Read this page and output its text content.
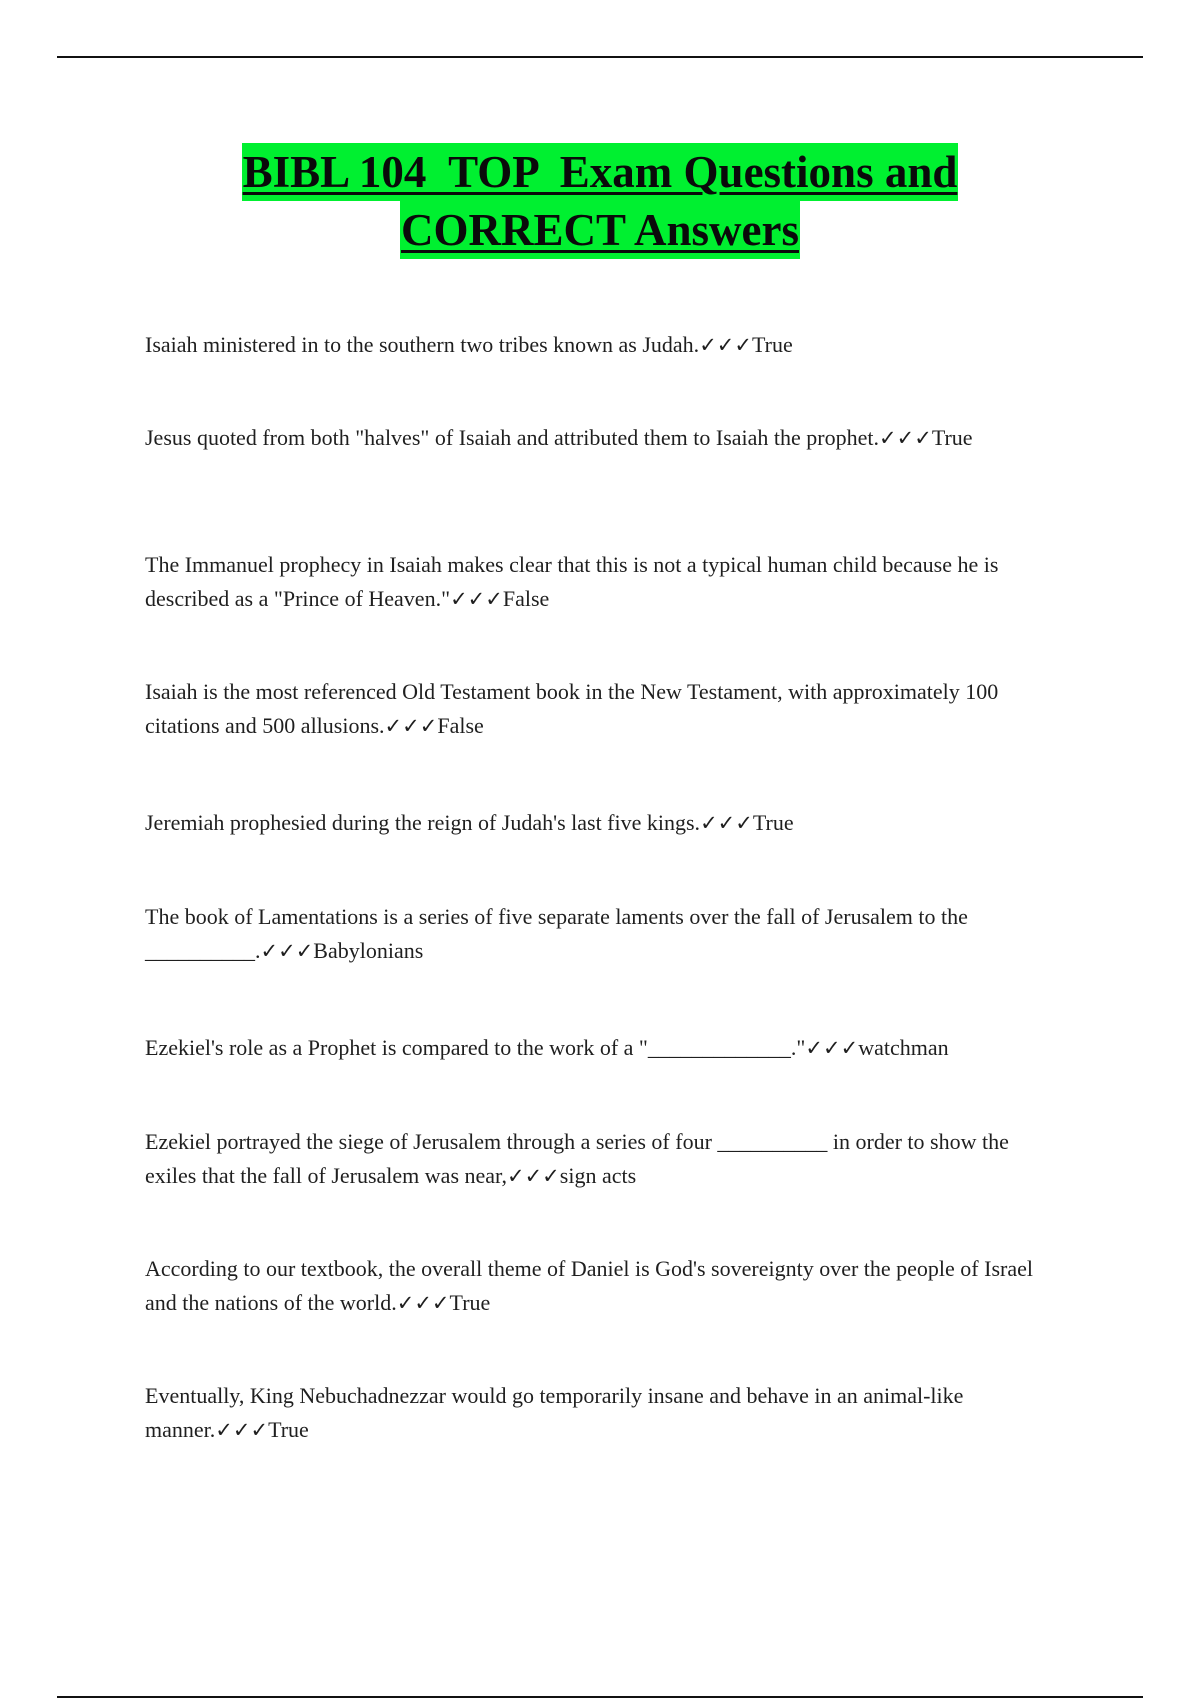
BIBL 104  TOP  Exam Questions and
CORRECT Answers

Isaiah ministered in to the southern two tribes known as Judah.✓✓✓True

Jesus quoted from both "halves" of Isaiah and attributed them to Isaiah the prophet.✓✓✓True

The Immanuel prophecy in Isaiah makes clear that this is not a typical human child because he is described as a "Prince of Heaven."✓✓✓False

Isaiah is the most referenced Old Testament book in the New Testament, with approximately 100 citations and 500 allusions.✓✓✓False

Jeremiah prophesied during the reign of Judah's last five kings.✓✓✓True

The book of Lamentations is a series of five separate laments over the fall of Jerusalem to the __________.✓✓✓Babylonians

Ezekiel's role as a Prophet is compared to the work of a "_____________."✓✓✓watchman

Ezekiel portrayed the siege of Jerusalem through a series of four __________ in order to show the exiles that the fall of Jerusalem was near,✓✓✓sign acts

According to our textbook, the overall theme of Daniel is God's sovereignty over the people of Israel and the nations of the world.✓✓✓True

Eventually, King Nebuchadnezzar would go temporarily insane and behave in an animal-like manner.✓✓✓True
